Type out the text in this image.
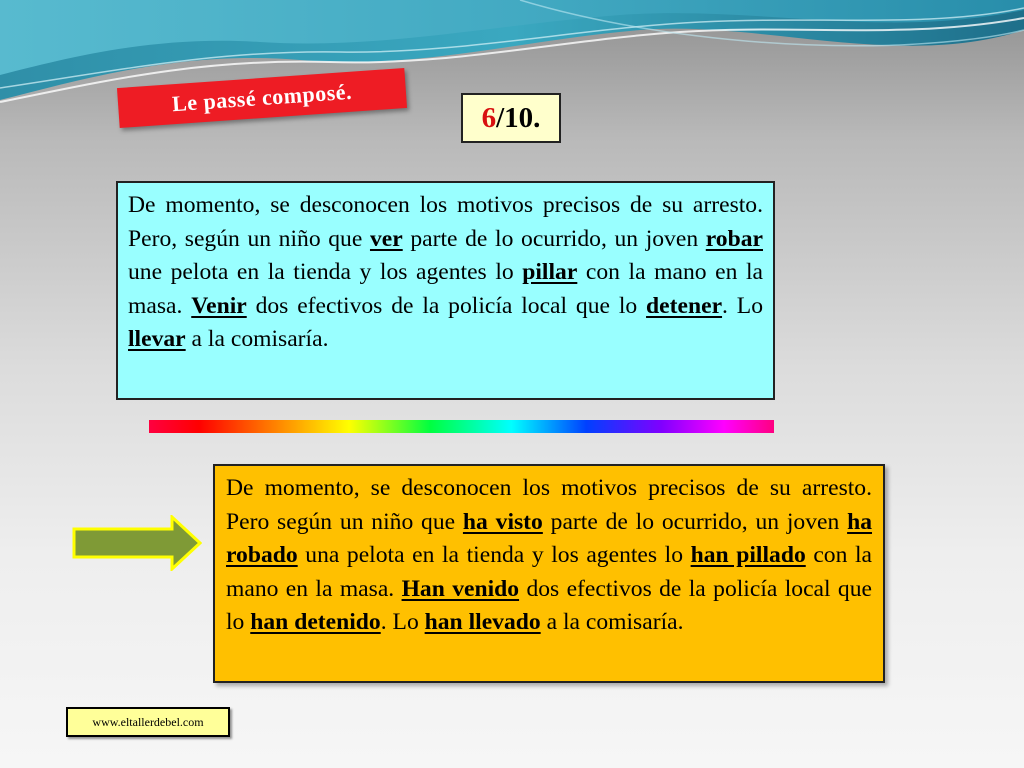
Le passé composé.
6 /10.
De momento, se desconocen los motivos precisos de su arresto. Pero, según un niño que ver parte de lo ocurrido, un joven robar une pelota en la tienda y los agentes lo pillar con la mano en la masa. Venir dos efectivos de la policía local que lo detener. Lo llevar a la comisaría.
De momento, se desconocen los motivos precisos de su arresto. Pero según un niño que ha visto parte de lo ocurrido, un joven ha robado una pelota en la tienda y los agentes lo han pillado con la mano en la masa. Han venido dos efectivos de la policía local que lo han detenido. Lo han llevado a la comisaría.
www.eltallerdebel.com
